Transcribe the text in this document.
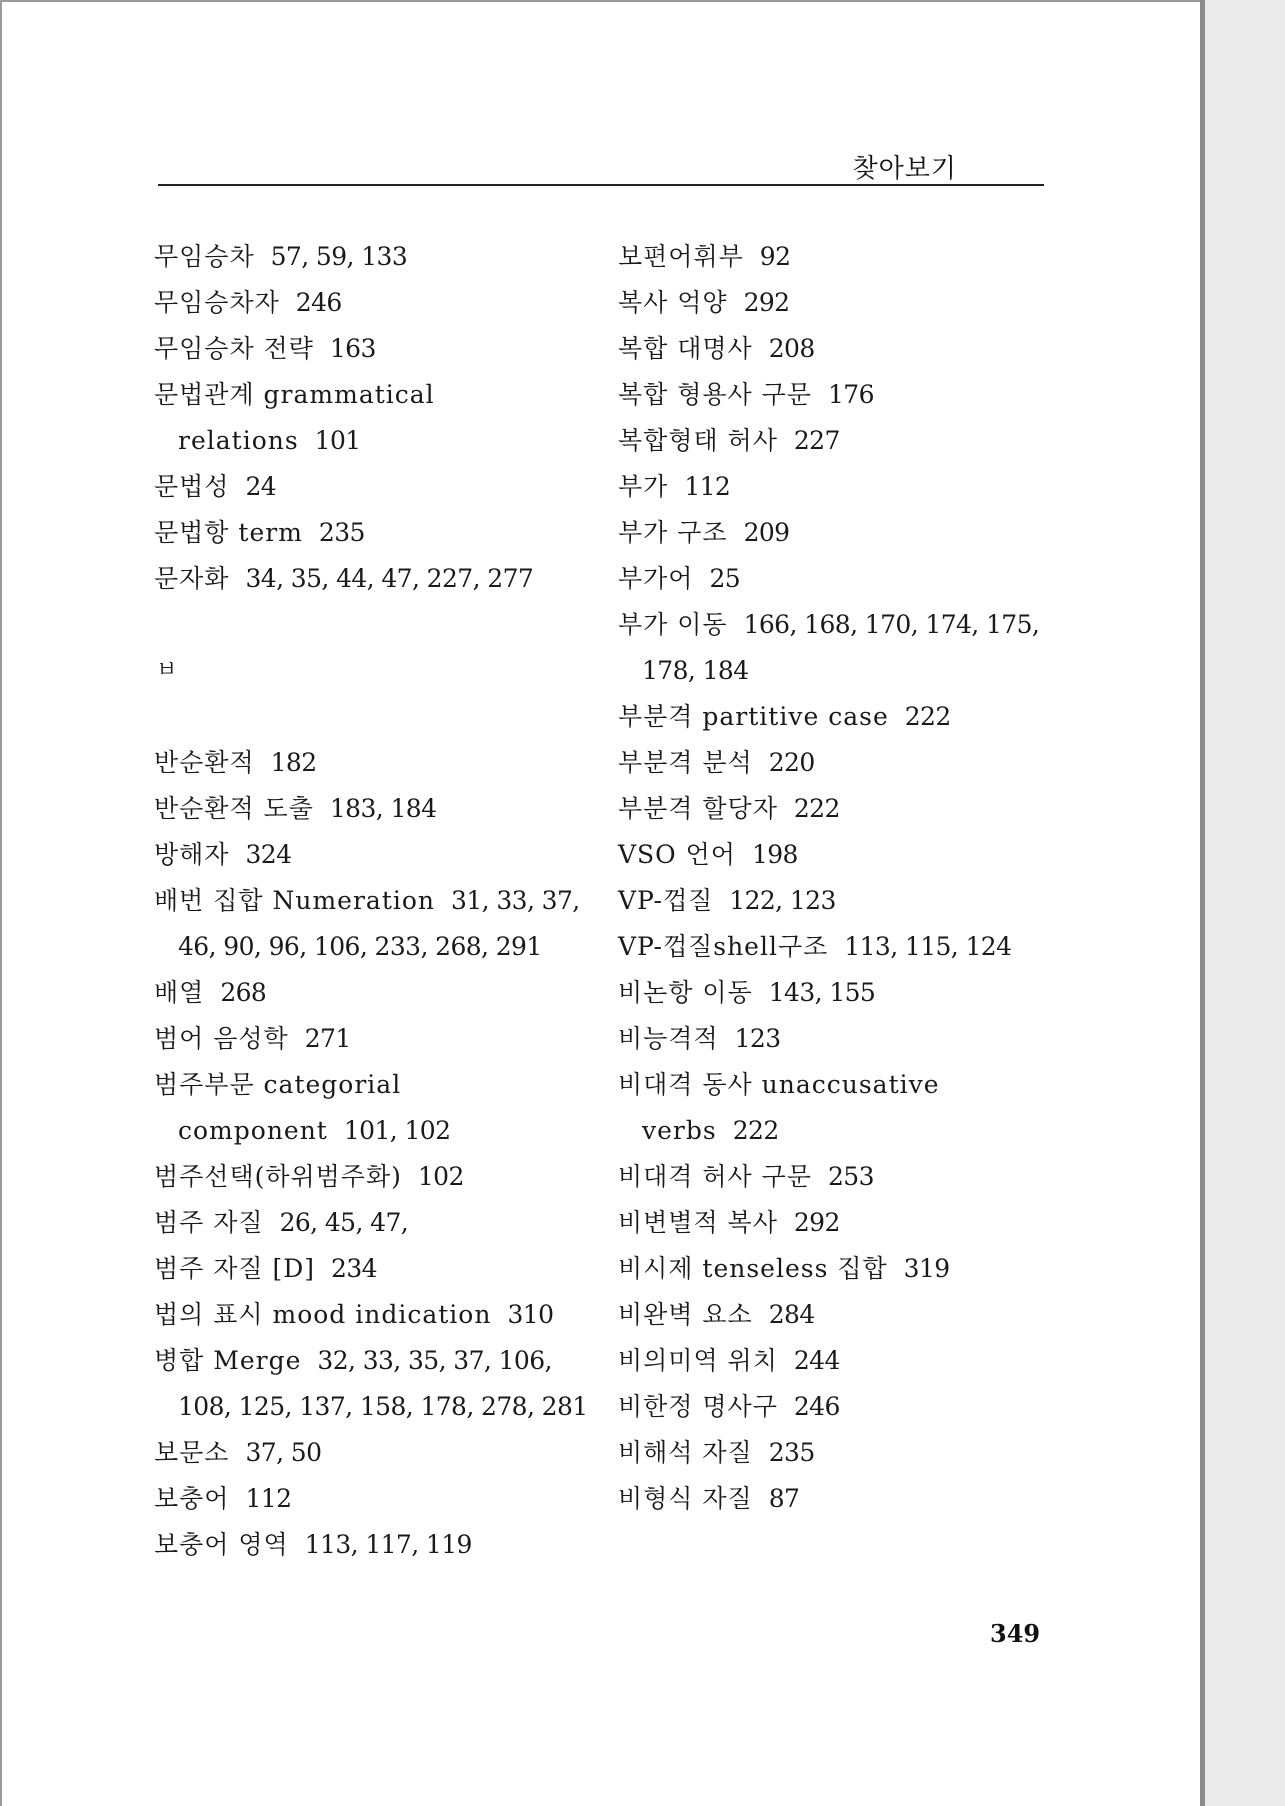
찾아보기
무임승차 57, 59, 133
무임승차자 246
무임승차 전략 163
문법관계 grammatical relations 101
문법성 24
문법항 term 235
문자화 34, 35, 44, 47, 227, 277
ㅂ
반순환적 182
반순환적 도출 183, 184
방해자 324
배번 집합 Numeration 31, 33, 37, 46, 90, 96, 106, 233, 268, 291
배열 268
범어 음성학 271
범주부문 categorial component 101, 102
범주선택(하위범주화) 102
범주 자질 26, 45, 47,
범주 자질 [D] 234
법의 표시 mood indication 310
병합 Merge 32, 33, 35, 37, 106, 108, 125, 137, 158, 178, 278, 281
보문소 37, 50
보충어 112
보충어 영역 113, 117, 119
보편어휘부 92
복사 억양 292
복합 대명사 208
복합 형용사 구문 176
복합형태 허사 227
부가 112
부가 구조 209
부가어 25
부가 이동 166, 168, 170, 174, 175, 178, 184
부분격 partitive case 222
부분격 분석 220
부분격 할당자 222
VSO 언어 198
VP-껍질 122, 123
VP-껍질shell구조 113, 115, 124
비논항 이동 143, 155
비능격적 123
비대격 동사 unaccusative verbs 222
비대격 허사 구문 253
비변별적 복사 292
비시제 tenseless 집합 319
비완벽 요소 284
비의미역 위치 244
비한정 명사구 246
비해석 자질 235
비형식 자질 87
349
